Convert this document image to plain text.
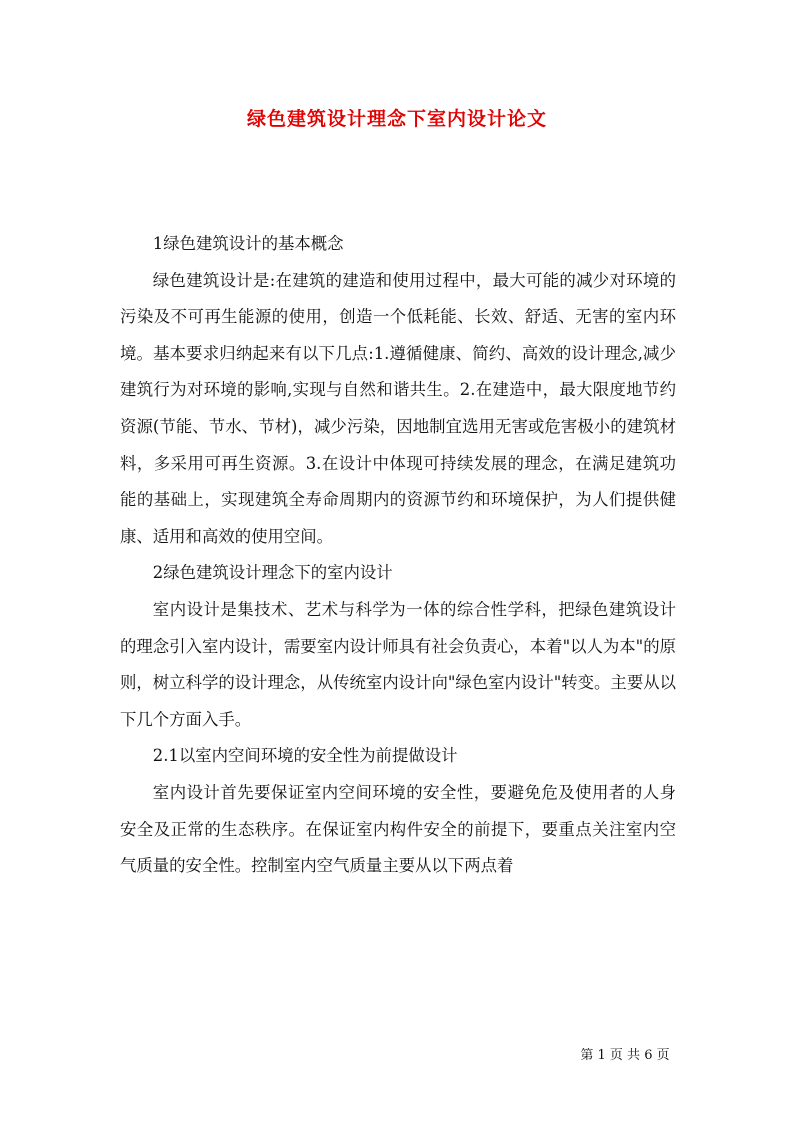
绿色建筑设计理念下室内设计论文

1绿色建筑设计的基本概念

绿色建筑设计是:在建筑的建造和使用过程中，最大可能的减少对环境的污染及不可再生能源的使用，创造一个低耗能、长效、舒适、无害的室内环境。基本要求归纳起来有以下几点:1.遵循健康、简约、高效的设计理念,减少建筑行为对环境的影响,实现与自然和谐共生。2.在建造中，最大限度地节约资源(节能、节水、节材)，减少污染，因地制宜选用无害或危害极小的建筑材料，多采用可再生资源。3.在设计中体现可持续发展的理念，在满足建筑功能的基础上，实现建筑全寿命周期内的资源节约和环境保护，为人们提供健康、适用和高效的使用空间。

2绿色建筑设计理念下的室内设计

室内设计是集技术、艺术与科学为一体的综合性学科，把绿色建筑设计的理念引入室内设计，需要室内设计师具有社会负责心，本着"以人为本"的原则，树立科学的设计理念，从传统室内设计向"绿色室内设计"转变。主要从以下几个方面入手。

2.1以室内空间环境的安全性为前提做设计

室内设计首先要保证室内空间环境的安全性，要避免危及使用者的人身安全及正常的生态秩序。在保证室内构件安全的前提下，要重点关注室内空气质量的安全性。控制室内空气质量主要从以下两点着

第 1 页 共 6 页
